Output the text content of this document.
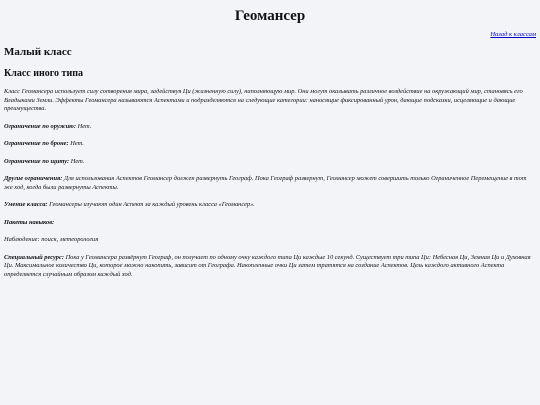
Геомансер
Назад к классам
Малый класс
Класс иного типа

Класс Геомансера использует силу сотворения мира, задействуя Ци (жизненную силу), наполняющую мир. Они могут оказывать различное воздействие на окружающий мир, становясь его Владыками Земли. Эффекты Геомансера называются Аспектами и подразделяются на следующие категории: наносящие фиксированный урон, дающие подсказки, исцеляющие и дающие преимущества.

Ограничение по оружию: Нет.

Ограничение по броне: Нет.

Ограничение по щиту: Нет.

Другие ограничения: Для использования Аспектов Геомансер должен развернуть Географ. Пока Географ развернут, Геомансер может совершить только Ограниченное Перемещение в тот же ход, когда были развернуты Аспекты.

Умение класса: Геомансеры изучают один Аспект за каждый уровень класса «Геомансер».

Пакеты навыков:

Наблюдение: поиск, метеорология

Специальный ресурс: Пока у Геомансера развёрнут Географ, он получает по одному очку каждого типа Ци каждые 10 секунд. Существует три типа Ци: Небесная Ци, Земная Ци и Духовная Ци. Максимальное количество Ци, которое можно накопить, зависит от Географа. Накопленные очки Ци затем тратятся на создание Аспектов. Цель каждого активного Аспекта определяется случайным образом каждый ход.
